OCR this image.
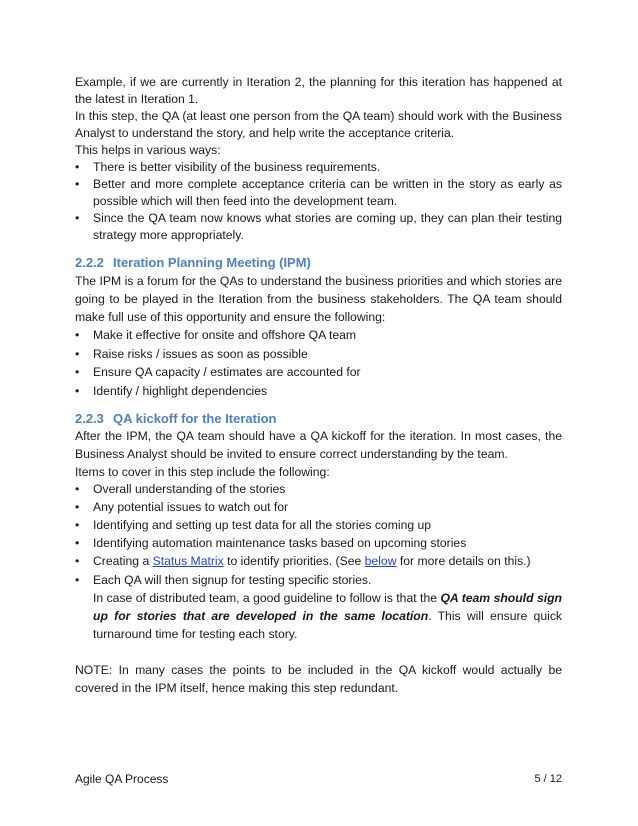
Example, if we are currently in Iteration 2, the planning for this iteration has happened at the latest in Iteration 1.

In this step, the QA (at least one person from the QA team) should work with the Business Analyst to understand the story, and help write the acceptance criteria.

This helps in various ways:

• There is better visibility of the business requirements.
• Better and more complete acceptance criteria can be written in the story as early as possible which will then feed into the development team.
• Since the QA team now knows what stories are coming up, they can plan their testing strategy more appropriately.
2.2.2 Iteration Planning Meeting (IPM)

The IPM is a forum for the QAs to understand the business priorities and which stories are going to be played in the Iteration from the business stakeholders. The QA team should make full use of this opportunity and ensure the following:

• Make it effective for onsite and offshore QA team
• Raise risks / issues as soon as possible
• Ensure QA capacity / estimates are accounted for
• Identify / highlight dependencies
2.2.3 QA kickoff for the Iteration

After the IPM, the QA team should have a QA kickoff for the iteration. In most cases, the Business Analyst should be invited to ensure correct understanding by the team.

Items to cover in this step include the following:

• Overall understanding of the stories
• Any potential issues to watch out for
• Identifying and setting up test data for all the stories coming up
• Identifying automation maintenance tasks based on upcoming stories
• Creating a Status Matrix to identify priorities. (See below for more details on this.)
• Each QA will then signup for testing specific stories.
In case of distributed team, a good guideline to follow is that the QA team should sign up for stories that are developed in the same location. This will ensure quick turnaround time for testing each story.

NOTE: In many cases the points to be included in the QA kickoff would actually be covered in the IPM itself, hence making this step redundant.

Agile QA Process	5 / 12
